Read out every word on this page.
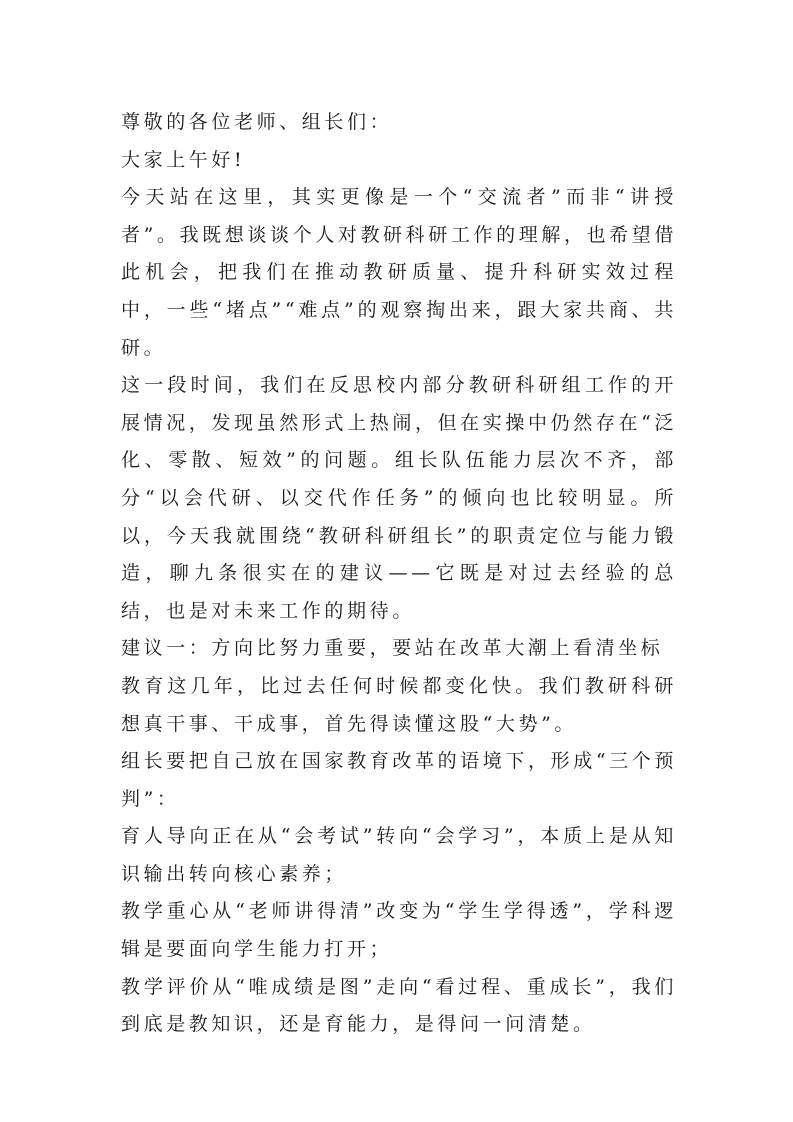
尊敬的各位老师、组长们：

大家上午好!

今天站在这里，其实更像是一个“交流者”而非“讲授者”。我既想谈谈个人对教研科研工作的理解，也希望借此机会，把我们在推动教研质量、提升科研实效过程中，一些“堵点”“难点”的观察掏出来，跟大家共商、共研。

这一段时间，我们在反思校内部分教研科研组工作的开展情况，发现虽然形式上热闹，但在实操中仍然存在“泛化、零散、短效”的问题。组长队伍能力层次不齐，部分“以会代研、以交代作任务”的倾向也比较明显。所以，今天我就围绕“教研科研组长”的职责定位与能力锻造，聊九条很实在的建议——它既是对过去经验的总结，也是对未来工作的期待。

建议一：方向比努力重要，要站在改革大潮上看清坐标

教育这几年，比过去任何时候都变化快。我们教研科研想真干事、干成事，首先得读懂这股“大势”。

组长要把自己放在国家教育改革的语境下，形成“三个预判”：

育人导向正在从“会考试”转向“会学习”，本质上是从知识输出转向核心素养；

教学重心从“老师讲得清”改变为“学生学得透”，学科逻辑是要面向学生能力打开；

教学评价从“唯成绩是图”走向“看过程、重成长”，我们到底是教知识，还是育能力，是得问一问清楚。
